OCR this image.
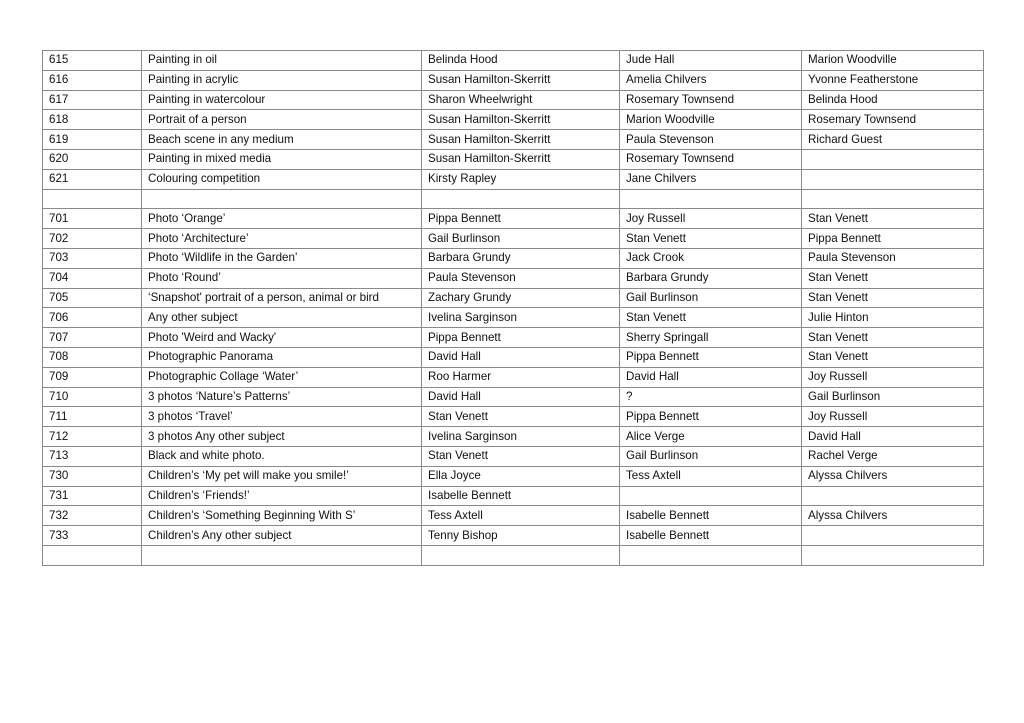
615	Painting in oil	Belinda Hood	Jude Hall	Marion Woodville
616	Painting in acrylic	Susan Hamilton-Skerritt	Amelia Chilvers	Yvonne Featherstone
617	Painting in watercolour	Sharon Wheelwright	Rosemary Townsend	Belinda Hood
618	Portrait of a person	Susan Hamilton-Skerritt	Marion Woodville	Rosemary Townsend
619	Beach scene in any medium	Susan Hamilton-Skerritt	Paula Stevenson	Richard Guest
620	Painting in mixed media	Susan Hamilton-Skerritt	Rosemary Townsend	
621	Colouring competition	Kirsty Rapley	Jane Chilvers	

701	Photo ‘Orange’	Pippa Bennett	Joy Russell	Stan Venett
702	Photo ‘Architecture’	Gail Burlinson	Stan Venett	Pippa Bennett
703	Photo ‘Wildlife in the Garden’	Barbara Grundy	Jack Crook	Paula Stevenson
704	Photo ‘Round’	Paula Stevenson	Barbara Grundy	Stan Venett
705	‘Snapshot' portrait of a person, animal or bird	Zachary Grundy	Gail Burlinson	Stan Venett
706	Any other subject	Ivelina Sarginson	Stan Venett	Julie Hinton
707	Photo 'Weird and Wacky'	Pippa Bennett	Sherry Springall	Stan Venett
708	Photographic Panorama	David Hall	Pippa Bennett	Stan Venett
709	Photographic Collage ‘Water’	Roo Harmer	David Hall	Joy Russell
710	3 photos ‘Nature’s Patterns’	David Hall	?	Gail Burlinson
711	3 photos ‘Travel’	Stan Venett	Pippa Bennett	Joy Russell
712	3 photos Any other subject	Ivelina Sarginson	Alice Verge	David Hall
713	Black and white photo.	Stan Venett	Gail Burlinson	Rachel Verge
730	Children’s ‘My pet will make you smile!’	Ella Joyce	Tess Axtell	Alyssa Chilvers
731	Children’s ‘Friends!’	Isabelle Bennett		
732	Children’s ‘Something Beginning With S’	Tess Axtell	Isabelle Bennett	Alyssa Chilvers
733	Children’s Any other subject	Tenny Bishop	Isabelle Bennett	
